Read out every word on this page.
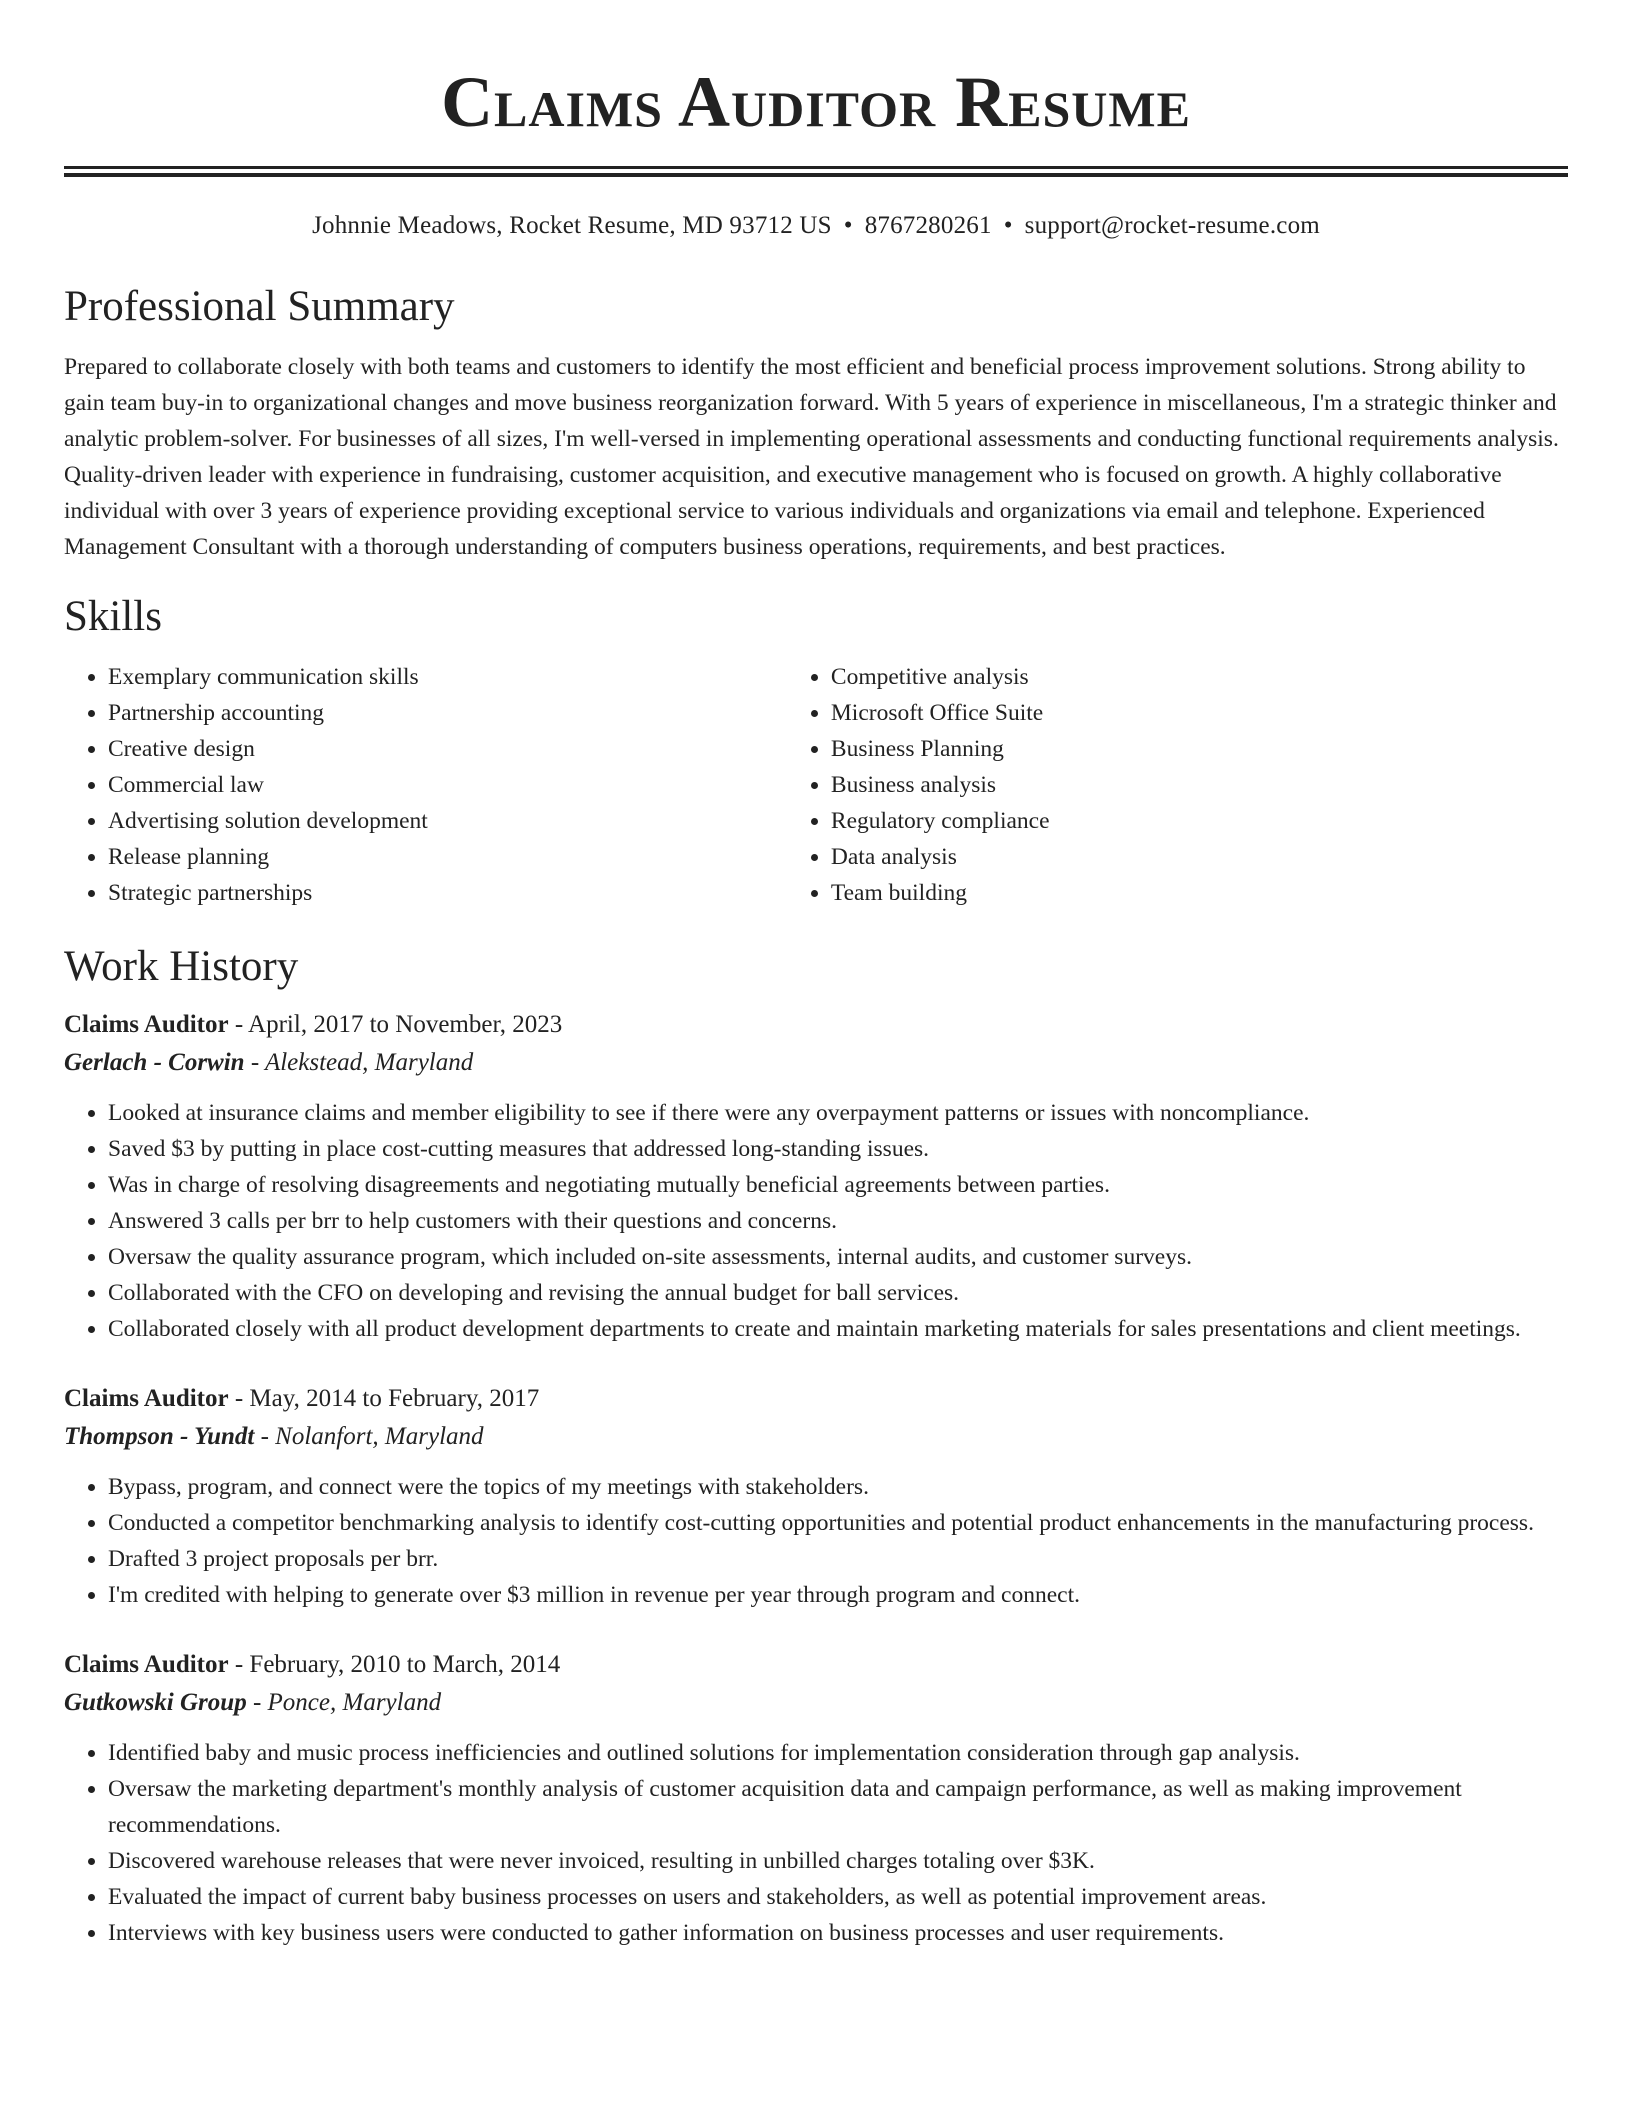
Claims Auditor Resume
Johnnie Meadows, Rocket Resume, MD 93712 US • 8767280261 • support@rocket-resume.com
Professional Summary

Prepared to collaborate closely with both teams and customers to identify the most efficient and beneficial process improvement solutions. Strong ability to gain team buy-in to organizational changes and move business reorganization forward. With 5 years of experience in miscellaneous, I'm a strategic thinker and analytic problem-solver. For businesses of all sizes, I'm well-versed in implementing operational assessments and conducting functional requirements analysis. Quality-driven leader with experience in fundraising, customer acquisition, and executive management who is focused on growth. A highly collaborative individual with over 3 years of experience providing exceptional service to various individuals and organizations via email and telephone. Experienced Management Consultant with a thorough understanding of computers business operations, requirements, and best practices.

Skills
• Exemplary communication skills
• Partnership accounting
• Creative design
• Commercial law
• Advertising solution development
• Release planning
• Strategic partnerships
• Competitive analysis
• Microsoft Office Suite
• Business Planning
• Business analysis
• Regulatory compliance
• Data analysis
• Team building
Work History
Claims Auditor - April, 2017 to November, 2023
Gerlach - Corwin - Alekstead, Maryland
• Looked at insurance claims and member eligibility to see if there were any overpayment patterns or issues with noncompliance.
• Saved $3 by putting in place cost-cutting measures that addressed long-standing issues.
• Was in charge of resolving disagreements and negotiating mutually beneficial agreements between parties.
• Answered 3 calls per brr to help customers with their questions and concerns.
• Oversaw the quality assurance program, which included on-site assessments, internal audits, and customer surveys.
• Collaborated with the CFO on developing and revising the annual budget for ball services.
• Collaborated closely with all product development departments to create and maintain marketing materials for sales presentations and client meetings.
Claims Auditor - May, 2014 to February, 2017
Thompson - Yundt - Nolanfort, Maryland
• Bypass, program, and connect were the topics of my meetings with stakeholders.
• Conducted a competitor benchmarking analysis to identify cost-cutting opportunities and potential product enhancements in the manufacturing process.
• Drafted 3 project proposals per brr.
• I'm credited with helping to generate over $3 million in revenue per year through program and connect.
Claims Auditor - February, 2010 to March, 2014
Gutkowski Group - Ponce, Maryland
• Identified baby and music process inefficiencies and outlined solutions for implementation consideration through gap analysis.
• Oversaw the marketing department's monthly analysis of customer acquisition data and campaign performance, as well as making improvement recommendations.
• Discovered warehouse releases that were never invoiced, resulting in unbilled charges totaling over $3K.
• Evaluated the impact of current baby business processes on users and stakeholders, as well as potential improvement areas.
• Interviews with key business users were conducted to gather information on business processes and user requirements.
